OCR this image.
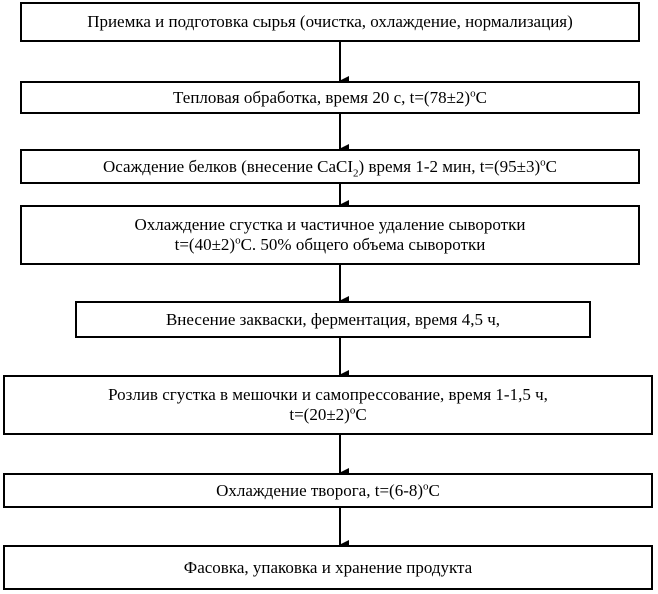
Приемка и подготовка сырья (очистка, охлаждение, нормализация)
Тепловая обработка, время 20 с, $t=(78\pm 2)^oC$
Осаждение белков (внесение CaCI$_2$) время 1-2 мин, $t=(95\pm 3)^oC$
Охлаждение сгустка и частичное удаление сыворотки
$t=(40\pm 2)^oC$. 50% общего объема сыворотки
Внесение закваски, ферментация, время 4,5 ч,
Розлив сгустка в мешочки и самопрессование, время 1-1,5 ч,
$t=(20\pm 2)^oC$
Охлаждение творога, $t=(6-8)^oC$
Фасовка, упаковка и хранение продукта
